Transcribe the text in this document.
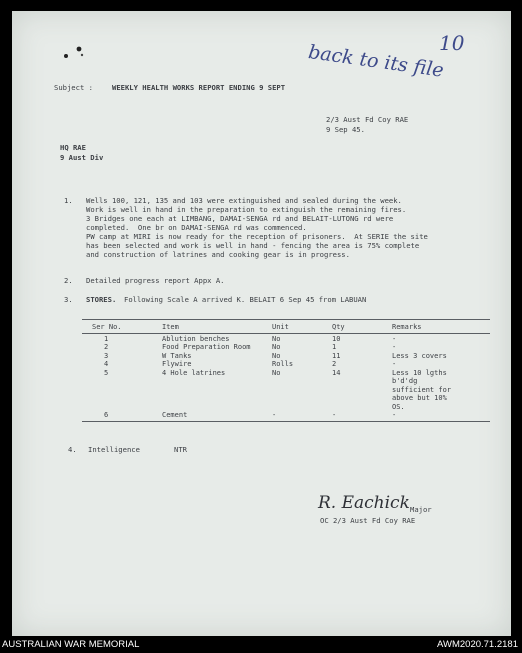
back to its file
10
Subject :	WEEKLY HEALTH WORKS REPORT ENDING 9 SEPT
2/3 Aust Fd Coy RAE
9 Sep 45.
HQ RAE
9 Aust Div
1. Wells 100, 121, 135 and 103 were extinguished and sealed during the week.
Work is well in hand in the preparation to extinguish the remaining fires.
3 Bridges one each at LIMBANG, DAMAI-SENGA rd and BELAIT-LUTONG rd were
completed.  One br on DAMAI-SENGA rd was commenced.
PW camp at MIRI is now ready for the reception of prisoners.  At SERIE the site
has been selected and work is well in hand - fencing the area is 75% complete
and construction of latrines and cooking gear is in progress.
2. Detailed progress report Appx A.
3. STORES. Following Scale A arrived K. BELAIT 6 Sep 45 from LABUAN
Ser No.	Item	Unit	Qty	Remarks

1	Ablution benches	No	10	-
2	Food Preparation Room	No	1	-
3	W Tanks	No	11	Less 3 covers
4	Flywire	Rolls	2	-
5	4 Hole latrines	No	14	Less 10 lgths
b'd'dg
sufficient for
above but 10%
OS.
6	Cement	-	-	-
4. Intelligence	NTR
R. Eachick Major
OC 2/3 Aust Fd Coy RAE
AUSTRALIAN WAR MEMORIAL	AWM2020.71.2181
